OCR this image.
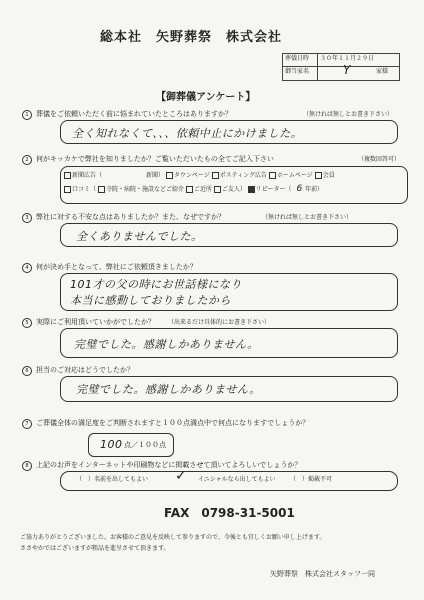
総本社　矢野葬祭　株式会社
葬儀日時 ３０年１１月２９日
御当家名	Y	家様
【御葬儀アンケート】
1	葬儀をご依頼いただく前に悩まれていたところはありますか？	（無ければ無しとお書き下さい）
全く知れなくて、、、依頼中止にかけました。
2	何がキッカケで弊社を知りましたか？ご覧いただいたもの全てご記入下さい	（複数回答可）
新聞広告（	新聞） タウンページ ポスティング広告 ホームページ 会員
口コミ（ 寺院・病院・施設などご紹介 ご近所 ご友人） リピーター（ 6 年前）
3	弊社に対する不安な点はありましたか？また、なぜですか？	（無ければ無しとお書き下さい）
全くありませんでした。
4	何が決め手となって、弊社にご依頼頂きましたか？
101才の父の時にお世話様になり
本当に感動しておりましたから
5	実際にご利用頂いていかがでしたか？ （出来るだけ具体的にお書き下さい）
完璧でした。感謝しかありません。
6	担当のご対応はどうでしたか？
完璧でした。感謝しかありません。
7	ご葬儀全体の満足度をご判断されますと１００点満点中で何点になりますでしょうか？
100 点／１００点
8	上記のお声をインターネットや印刷物などに掲載させて頂いてよろしいでしょうか？
（　）名前を出してもよい ✓ イニシャルなら出してもよい （　）掲載不可
FAX　0798-31-5001
ご協力ありがとうございました。お客様のご意見を反映して参りますので、今後とも宜しくお願い申し上げます。
ささやかではございますが粗品を進呈させて頂きます。
矢野葬祭　株式会社スタッフ一同
